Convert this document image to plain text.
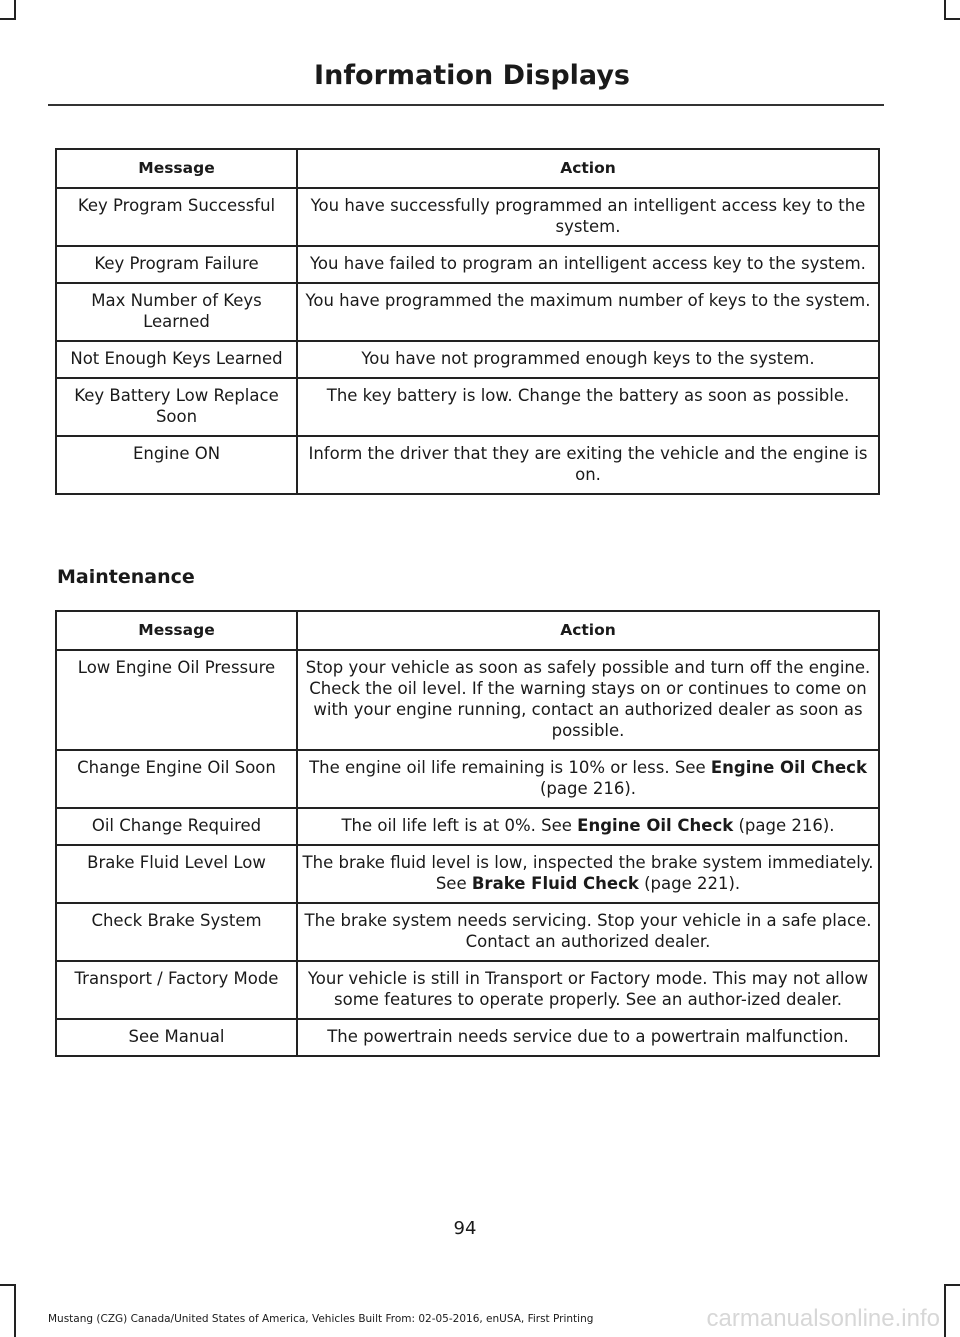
Information Displays
Message	Action
Key Program Successful	You have successfully programmed an intelligent access key to the system.
Key Program Failure	You have failed to program an intelligent access key to the system.
Max Number of Keys Learned	You have programmed the maximum number of keys to the system.
Not Enough Keys Learned	You have not programmed enough keys to the system.
Key Battery Low Replace Soon	The key battery is low. Change the battery as soon as possible.
Engine ON	Inform the driver that they are exiting the vehicle and the engine is on.
Maintenance
Message	Action
Low Engine Oil Pressure	Stop your vehicle as soon as safely possible and turn off the engine. Check the oil level. If the warning stays on or continues to come on with your engine running, contact an authorized dealer as soon as possible.
Change Engine Oil Soon	The engine oil life remaining is 10% or less. See Engine Oil Check (page 216).
Oil Change Required	The oil life left is at 0%. See Engine Oil Check (page 216).
Brake Fluid Level Low	The brake fluid level is low, inspected the brake system immediately. See Brake Fluid Check (page 221).
Check Brake System	The brake system needs servicing. Stop your vehicle in a safe place. Contact an authorized dealer.
Transport / Factory Mode	Your vehicle is still in Transport or Factory mode. This may not allow some features to operate properly. See an author-ized dealer.
See Manual	The powertrain needs service due to a powertrain malfunction.
94
Mustang (CZG) Canada/United States of America, Vehicles Built From: 02-05-2016, enUSA, First Printing	carmanualsonline.info
